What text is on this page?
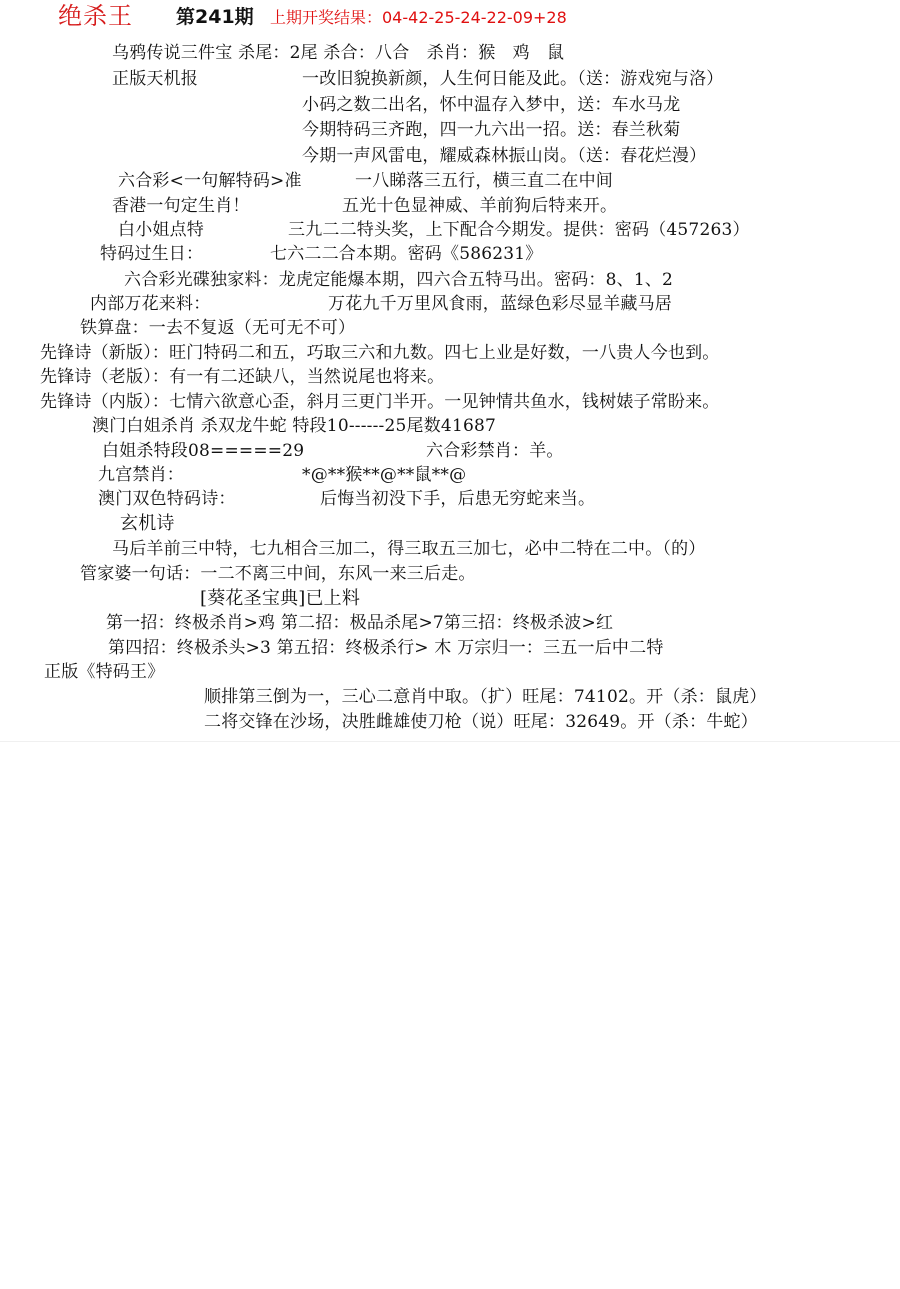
绝杀王 第241期 上期开奖结果：04-42-25-24-22-09+28
乌鸦传说三件宝 杀尾：2尾 杀合：八合　杀肖：猴　鸡　鼠
正版天机报	一改旧貌换新颜，人生何日能及此。（送：游戏宛与洛）
小码之数二出名，怀中温存入梦中，送：车水马龙
今期特码三齐跑，四一九六出一招。送：春兰秋菊
今期一声风雷电，耀威森林振山岗。（送：春花烂漫）
六合彩<一句解特码>准	一八睇落三五行，横三直二在中间
香港一句定生肖！	五光十色显神威、羊前狗后特来开。
白小姐点特	三九二二特头奖，上下配合今期发。提供：密码（457263）
特码过生日：	七六二二合本期。密码《586231》
六合彩光碟独家料：龙虎定能爆本期，四六合五特马出。密码：8、1、2
内部万花来料：	万花九千万里风食雨，蓝绿色彩尽显羊藏马居
铁算盘：一去不复返（无可无不可）
先锋诗（新版）：旺门特码二和五，巧取三六和九数。四七上业是好数，一八贵人今也到。
先锋诗（老版）：有一有二还缺八，当然说尾也将来。
先锋诗（内版）：七情六欲意心歪，斜月三更门半开。一见钟情共鱼水，钱树婊子常盼来。
澳门白姐杀肖 杀双龙牛蛇 特段10------25尾数41687
白姐杀特段08=====29	六合彩禁肖：羊。
九宫禁肖：	*@**猴**@**鼠**@
澳门双色特码诗：	后悔当初没下手，后患无穷蛇来当。
玄机诗
马后羊前三中特，七九相合三加二，得三取五三加七，必中二特在二中。（的）
管家婆一句话：一二不离三中间，东风一来三后走。
[葵花圣宝典]已上料
第一招：终极杀肖>鸡 第二招：极品杀尾>7第三招：终极杀波>红
第四招：终极杀头>3 第五招：终极杀行> 木 万宗归一：三五一后中二特
正版《特码王》
顺排第三倒为一，三心二意肖中取。（扩）旺尾：74102。开（杀：鼠虎）
二将交锋在沙场，决胜雌雄使刀枪（说）旺尾：32649。开（杀：牛蛇）
